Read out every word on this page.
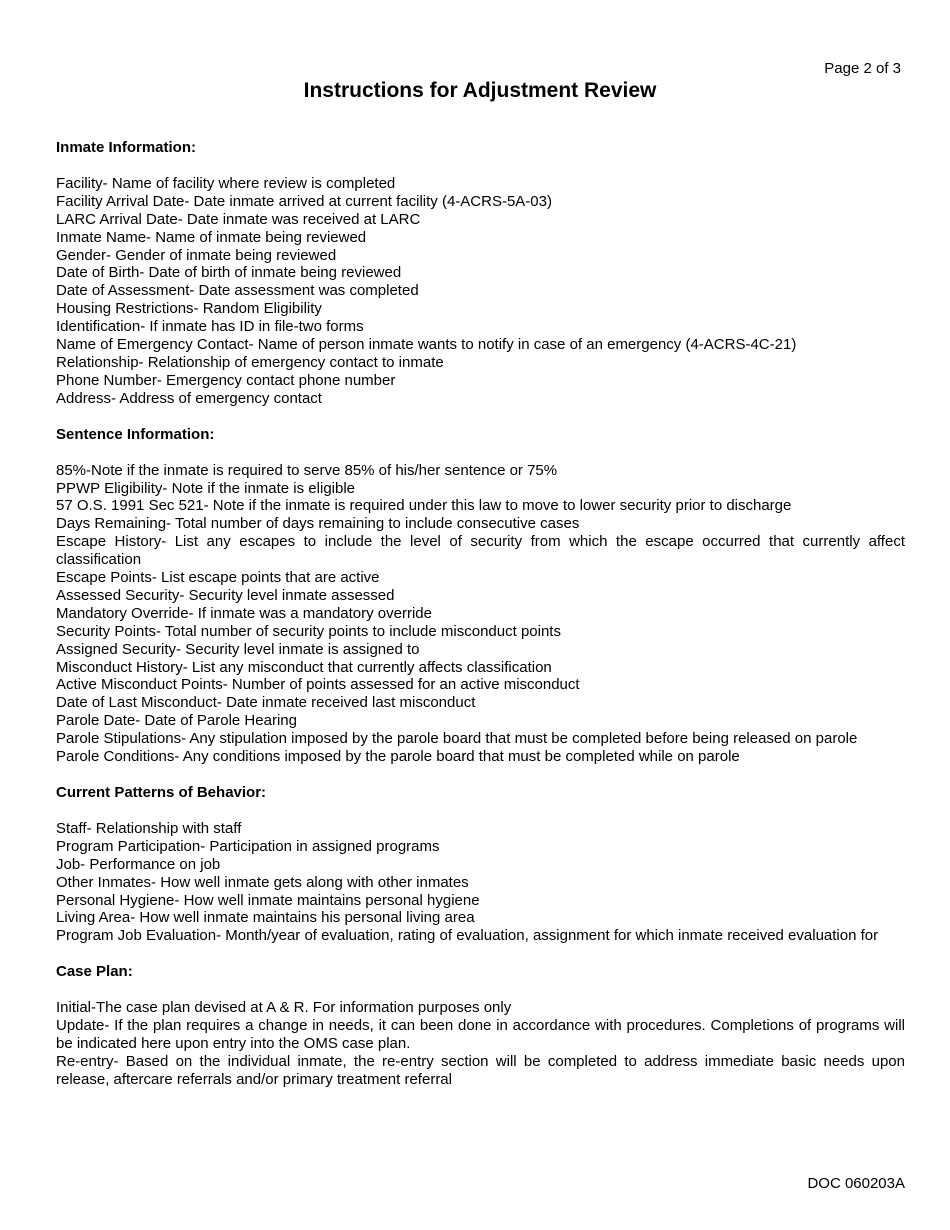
Page 2 of 3
Instructions for Adjustment Review
Inmate Information:
Facility- Name of facility where review is completed
Facility Arrival Date- Date inmate arrived at current facility (4-ACRS-5A-03)
LARC Arrival Date- Date inmate was received at LARC
Inmate Name- Name of inmate being reviewed
Gender- Gender of inmate being reviewed
Date of Birth- Date of birth of inmate being reviewed
Date of Assessment- Date assessment was completed
Housing Restrictions- Random Eligibility
Identification- If inmate has ID in file-two forms
Name of Emergency Contact- Name of person inmate wants to notify in case of an emergency (4-ACRS-4C-21)
Relationship- Relationship of emergency contact to inmate
Phone Number- Emergency contact phone number
Address- Address of emergency contact
Sentence Information:
85%-Note if the inmate is required to serve 85% of his/her sentence or 75%
PPWP Eligibility- Note if the inmate is eligible
57 O.S. 1991 Sec 521- Note if the inmate is required under this law to move to lower security prior to discharge
Days Remaining- Total number of days remaining to include consecutive cases
Escape History- List any escapes to include the level of security from which the escape occurred that currently affect classification
Escape Points- List escape points that are active
Assessed Security- Security level inmate assessed
Mandatory Override- If inmate was a mandatory override
Security Points- Total number of security points to include misconduct points
Assigned Security- Security level inmate is assigned to
Misconduct History- List any misconduct that currently affects classification
Active Misconduct Points- Number of points assessed for an active misconduct
Date of Last Misconduct- Date inmate received last misconduct
Parole Date- Date of Parole Hearing
Parole Stipulations- Any stipulation imposed by the parole board that must be completed before being released on parole
Parole Conditions- Any conditions imposed by the parole board that must be completed while on parole
Current Patterns of Behavior:
Staff- Relationship with staff
Program Participation- Participation in assigned programs
Job- Performance on job
Other Inmates- How well inmate gets along with other inmates
Personal Hygiene- How well inmate maintains personal hygiene
Living Area- How well inmate maintains his personal living area
Program Job Evaluation- Month/year of evaluation, rating of evaluation, assignment for which inmate received evaluation for
Case Plan:
Initial-The case plan devised at A & R. For information purposes only
Update- If the plan requires a change in needs, it can been done in accordance with procedures. Completions of programs will be indicated here upon entry into the OMS case plan.
Re-entry- Based on the individual inmate, the re-entry section will be completed to address immediate basic needs upon release, aftercare referrals and/or primary treatment referral
DOC 060203A
